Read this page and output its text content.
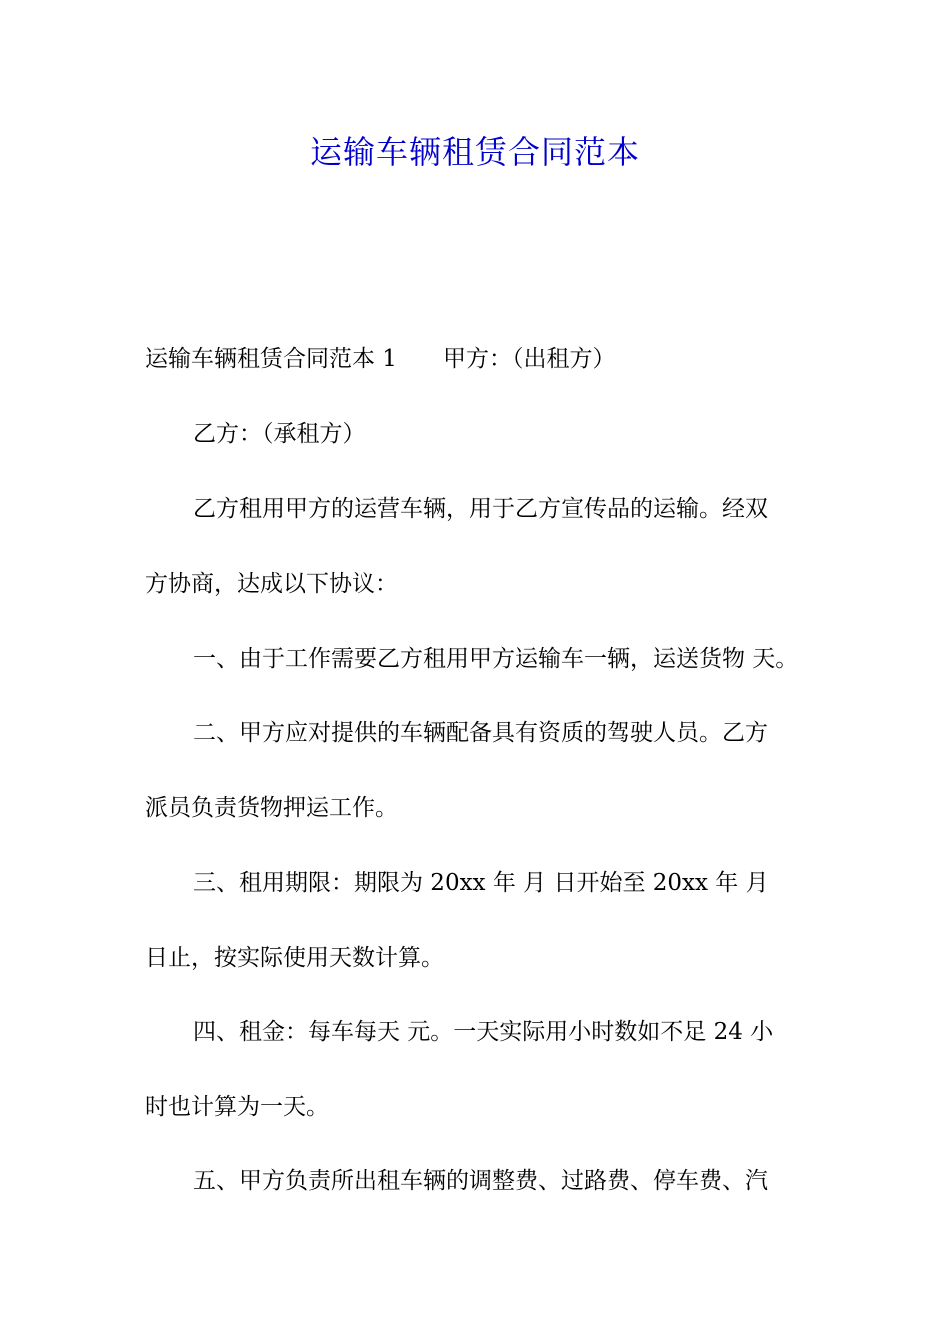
运输车辆租赁合同范本
运输车辆租赁合同范本 1　　甲方：（出租方）
乙方：（承租方）
乙方租用甲方的运营车辆，用于乙方宣传品的运输。经双
方协商，达成以下协议：
一、由于工作需要乙方租用甲方运输车一辆，运送货物 天。
二、甲方应对提供的车辆配备具有资质的驾驶人员。乙方
派员负责货物押运工作。
三、租用期限：期限为 20xx 年 月 日开始至 20xx 年 月
日止，按实际使用天数计算。
四、租金：每车每天 元。一天实际用小时数如不足 24 小
时也计算为一天。
五、甲方负责所出租车辆的调整费、过路费、停车费、汽
